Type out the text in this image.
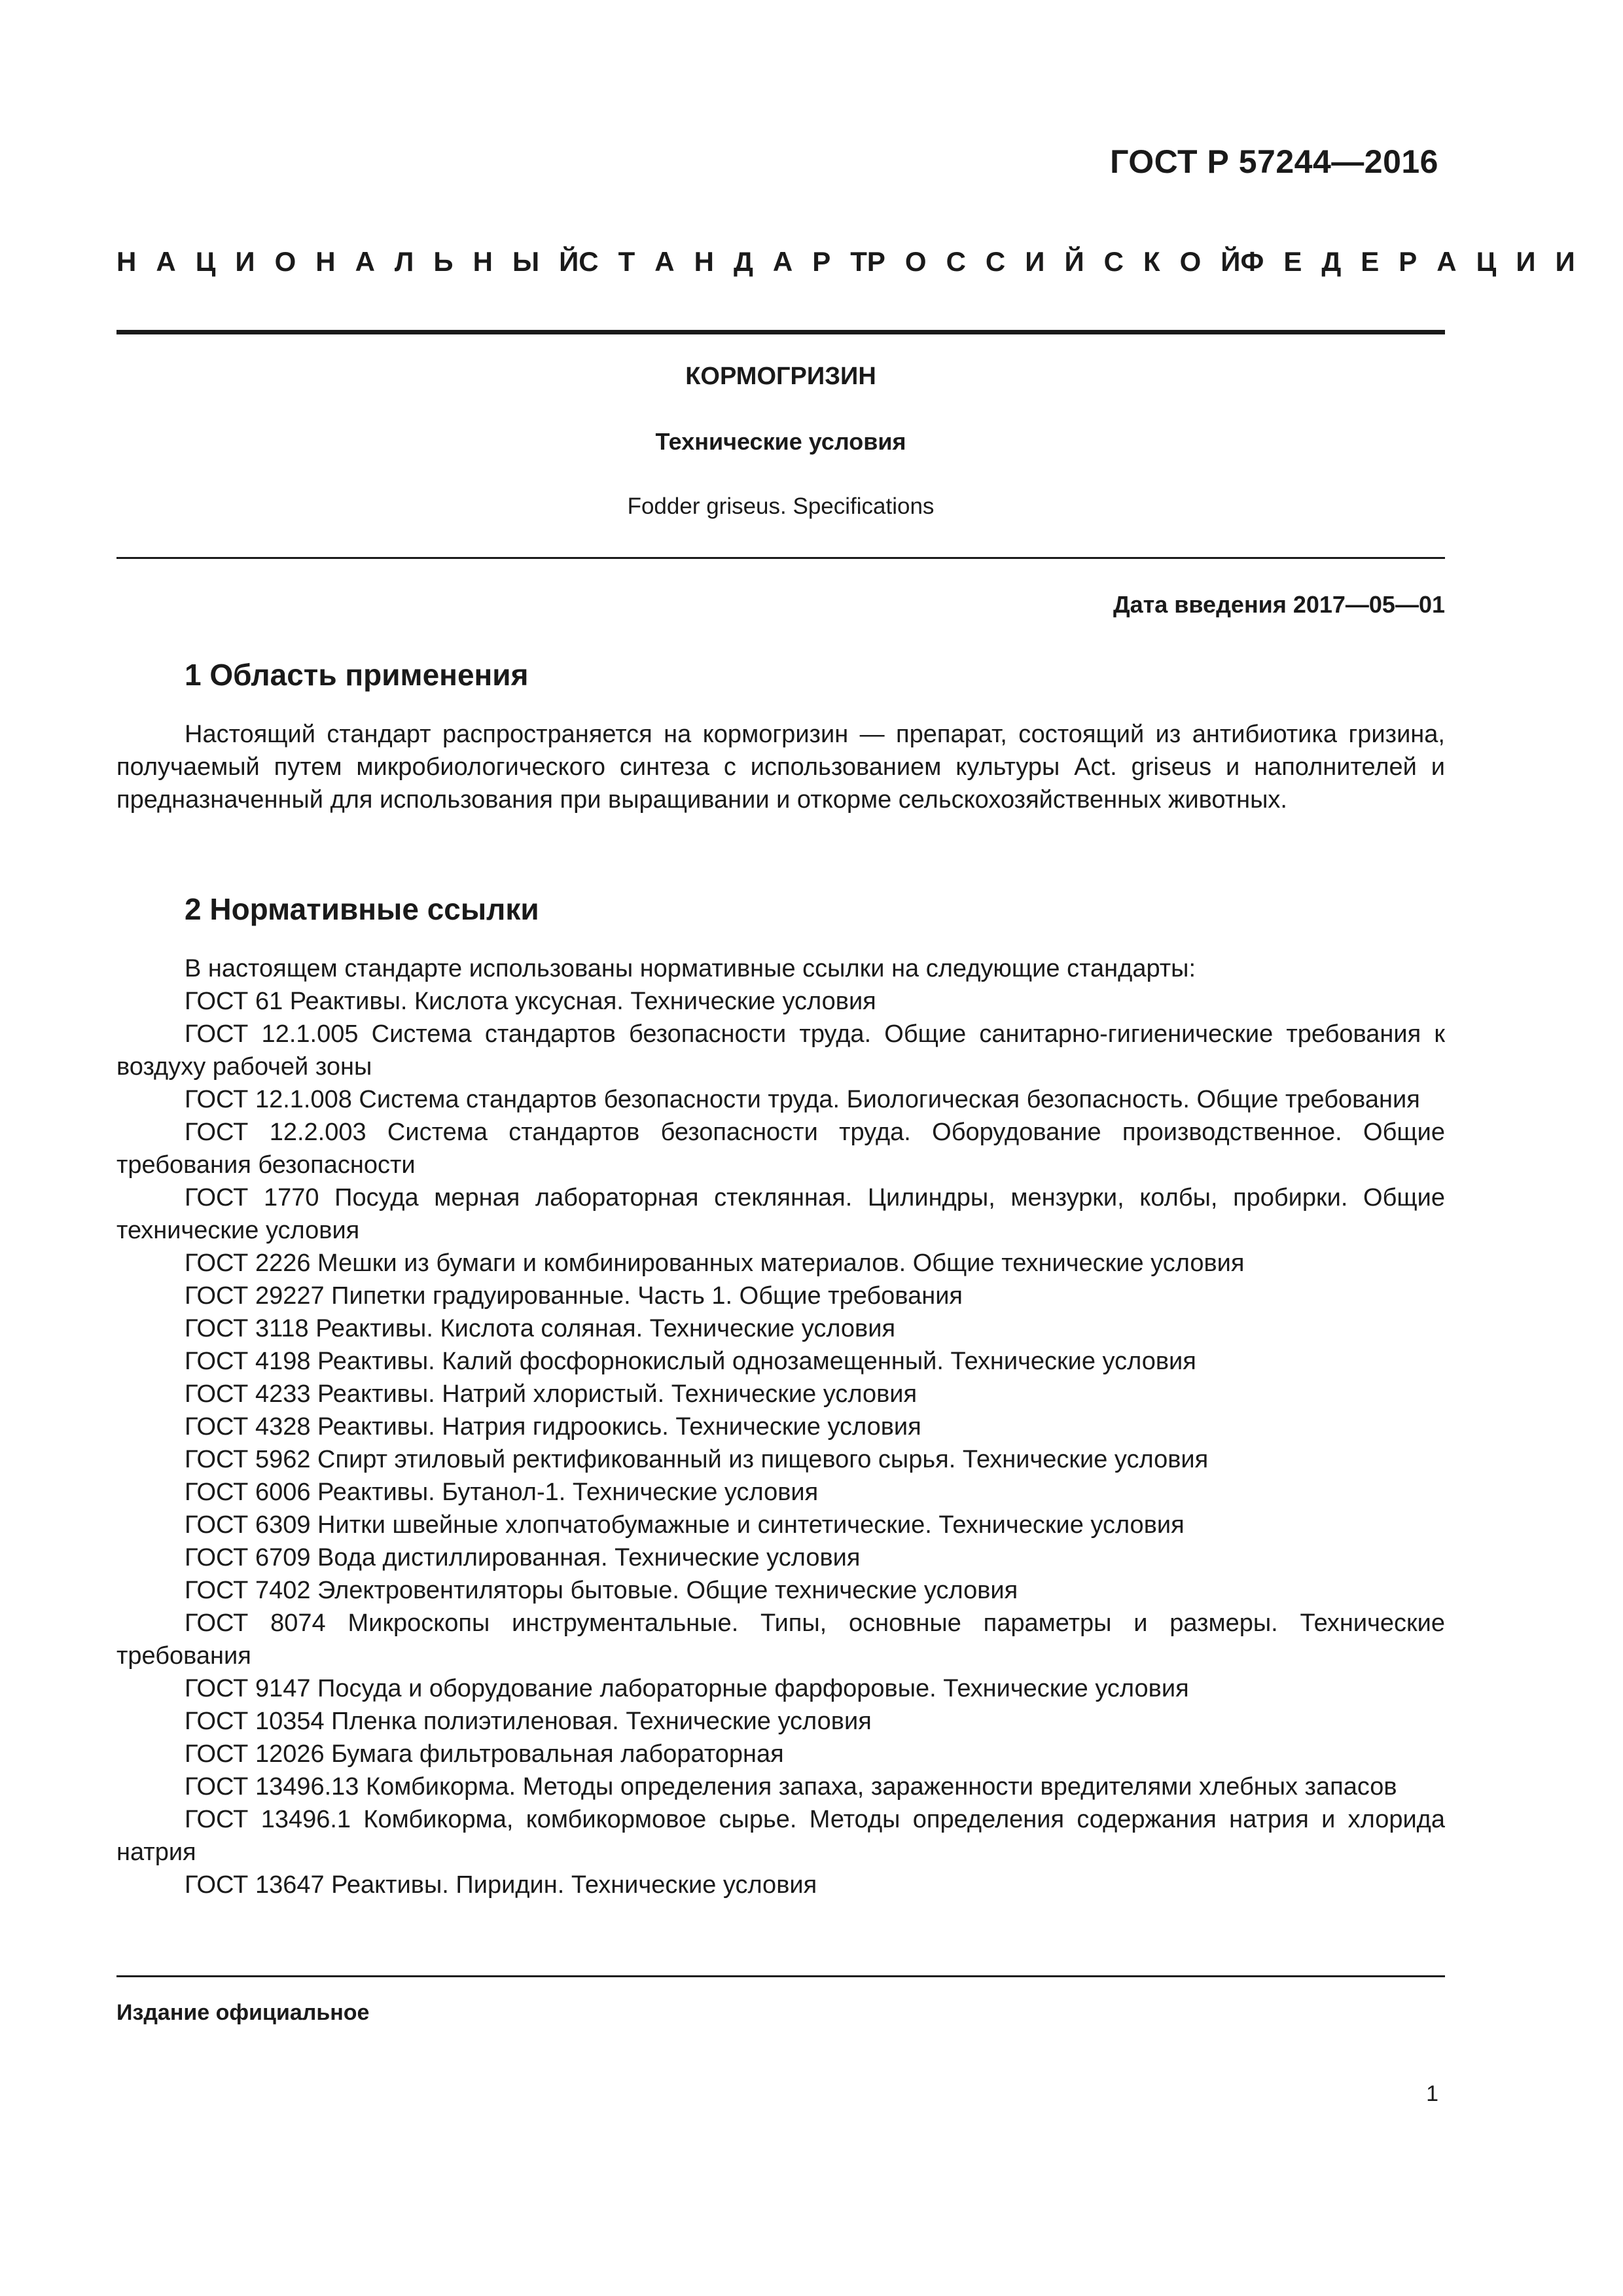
ГОСТ Р 57244—2016
Н А Ц И О Н А Л Ь Н Ы Й С Т А Н Д А Р Т Р О С С И Й С К О Й Ф Е Д Е Р А Ц И И
КОРМОГРИЗИН
Технические условия
Fodder griseus. Specifications
Дата введения 2017—05—01
1 Область применения

Настоящий стандарт распространяется на кормогризин — препарат, состоящий из антибиотика гризина, получаемый путем микробиологического синтеза с использованием культуры Act. griseus и наполнителей и предназначенный для использования при выращивании и откорме сельскохозяйственных животных.

2 Нормативные ссылки

В настоящем стандарте использованы нормативные ссылки на следующие стандарты:

ГОСТ 61 Реактивы. Кислота уксусная. Технические условия

ГОСТ 12.1.005 Система стандартов безопасности труда. Общие санитарно-гигиенические требования к воздуху рабочей зоны

ГОСТ 12.1.008 Система стандартов безопасности труда. Биологическая безопасность. Общие требования

ГОСТ 12.2.003 Система стандартов безопасности труда. Оборудование производственное. Общие требования безопасности

ГОСТ 1770 Посуда мерная лабораторная стеклянная. Цилиндры, мензурки, колбы, пробирки. Общие технические условия

ГОСТ 2226 Мешки из бумаги и комбинированных материалов. Общие технические условия

ГОСТ 29227 Пипетки градуированные. Часть 1. Общие требования

ГОСТ 3118 Реактивы. Кислота соляная. Технические условия

ГОСТ 4198 Реактивы. Калий фосфорнокислый однозамещенный. Технические условия

ГОСТ 4233 Реактивы. Натрий хлористый. Технические условия

ГОСТ 4328 Реактивы. Натрия гидроокись. Технические условия

ГОСТ 5962 Спирт этиловый ректификованный из пищевого сырья. Технические условия

ГОСТ 6006 Реактивы. Бутанол-1. Технические условия

ГОСТ 6309 Нитки швейные хлопчатобумажные и синтетические. Технические условия

ГОСТ 6709 Вода дистиллированная. Технические условия

ГОСТ 7402 Электровентиляторы бытовые. Общие технические условия

ГОСТ 8074 Микроскопы инструментальные. Типы, основные параметры и размеры. Технические требования

ГОСТ 9147 Посуда и оборудование лабораторные фарфоровые. Технические условия

ГОСТ 10354 Пленка полиэтиленовая. Технические условия

ГОСТ 12026 Бумага фильтровальная лабораторная

ГОСТ 13496.13 Комбикорма. Методы определения запаха, зараженности вредителями хлебных запасов

ГОСТ 13496.1 Комбикорма, комбикормовое сырье. Методы определения содержания натрия и хлорида натрия

ГОСТ 13647 Реактивы. Пиридин. Технические условия

Издание официальное
1
